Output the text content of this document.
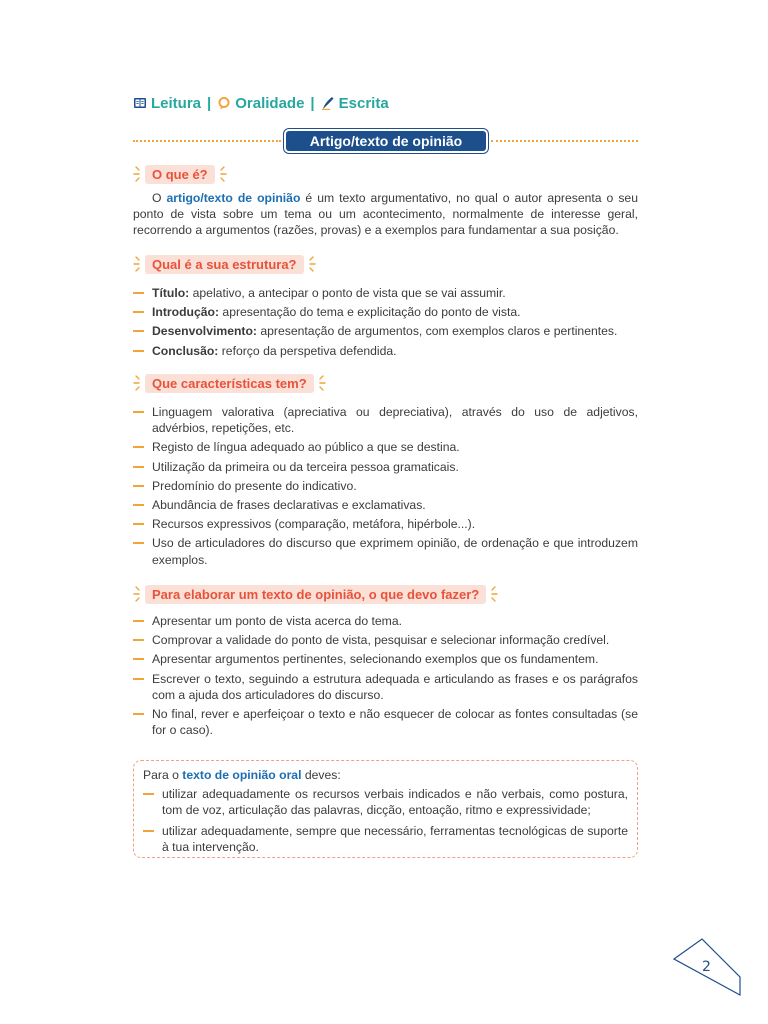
Leitura | Oralidade | Escrita
Artigo/texto de opinião
O que é?
O artigo/texto de opinião é um texto argumentativo, no qual o autor apresenta o seu ponto de vista sobre um tema ou um acontecimento, normalmente de interesse geral, recorrendo a argumentos (razões, provas) e a exemplos para fundamentar a sua posição.
Qual é a sua estrutura?
Título: apelativo, a antecipar o ponto de vista que se vai assumir.
Introdução: apresentação do tema e explicitação do ponto de vista.
Desenvolvimento: apresentação de argumentos, com exemplos claros e pertinentes.
Conclusão: reforço da perspetiva defendida.
Que características tem?
Linguagem valorativa (apreciativa ou depreciativa), através do uso de adjetivos, advérbios, repetições, etc.
Registo de língua adequado ao público a que se destina.
Utilização da primeira ou da terceira pessoa gramaticais.
Predomínio do presente do indicativo.
Abundância de frases declarativas e exclamativas.
Recursos expressivos (comparação, metáfora, hipérbole...).
Uso de articuladores do discurso que exprimem opinião, de ordenação e que introduzem exemplos.
Para elaborar um texto de opinião, o que devo fazer?
Apresentar um ponto de vista acerca do tema.
Comprovar a validade do ponto de vista, pesquisar e selecionar informação credível.
Apresentar argumentos pertinentes, selecionando exemplos que os fundamentem.
Escrever o texto, seguindo a estrutura adequada e articulando as frases e os parágrafos com a ajuda dos articuladores do discurso.
No final, rever e aperfeiçoar o texto e não esquecer de colocar as fontes consultadas (se for o caso).
Para o texto de opinião oral deves:
utilizar adequadamente os recursos verbais indicados e não verbais, como postura, tom de voz, articulação das palavras, dicção, entoação, ritmo e expressividade;
utilizar adequadamente, sempre que necessário, ferramentas tecnológicas de suporte à tua intervenção.
2
